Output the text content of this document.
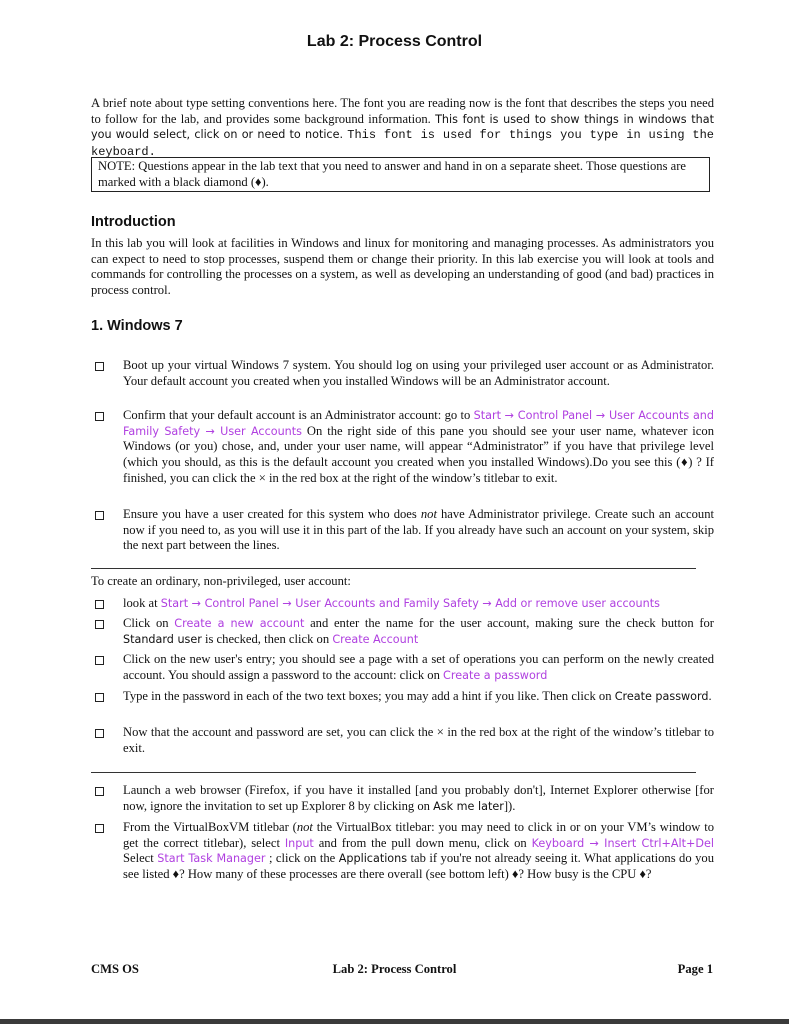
Lab 2: Process Control
A brief note about type setting conventions here. The font you are reading now is the font that describes the steps you need to follow for the lab, and provides some background information. This font is used to show things in windows that you would select, click on or need to notice. This font is used for things you type in using the keyboard.
NOTE: Questions appear in the lab text that you need to answer and hand in on a separate sheet. Those questions are marked with a black diamond (♦).
Introduction
In this lab you will look at facilities in Windows and linux for monitoring and managing processes. As administrators you can expect to need to stop processes, suspend them or change their priority. In this lab exercise you will look at tools and commands for controlling the processes on a system, as well as developing an understanding of good (and bad) practices in process control.
1. Windows 7
Boot up your virtual Windows 7 system. You should log on using your privileged user account or as Administrator. Your default account you created when you installed Windows will be an Administrator account.
Confirm that your default account is an Administrator account: go to Start → Control Panel → User Accounts and Family Safety → User Accounts On the right side of this pane you should see your user name, whatever icon Windows (or you) chose, and, under your user name, will appear “Administrator” if you have that privilege level (which you should, as this is the default account you created when you installed Windows).Do you see this (♦) ? If finished, you can click the × in the red box at the right of the window’s titlebar to exit.
Ensure you have a user created for this system who does not have Administrator privilege. Create such an account now if you need to, as you will use it in this part of the lab. If you already have such an account on your system, skip the next part between the lines.
To create an ordinary, non-privileged, user account:
look at Start → Control Panel → User Accounts and Family Safety → Add or remove user accounts
Click on Create a new account and enter the name for the user account, making sure the check button for Standard user is checked, then click on Create Account
Click on the new user's entry; you should see a page with a set of operations you can perform on the newly created account. You should assign a password to the account: click on Create a password
Type in the password in each of the two text boxes; you may add a hint if you like. Then click on Create password.
Now that the account and password are set, you can click the × in the red box at the right of the window’s titlebar to exit.
Launch a web browser (Firefox, if you have it installed [and you probably don't], Internet Explorer otherwise [for now, ignore the invitation to set up Explorer 8 by clicking on Ask me later]).
From the VirtualBoxVM titlebar (not the VirtualBox titlebar: you may need to click in or on your VM’s window to get the correct titlebar), select Input and from the pull down menu, click on Keyboard → Insert Ctrl+Alt+Del Select Start Task Manager ; click on the Applications tab if you're not already seeing it. What applications do you see listed ♦? How many of these processes are there overall (see bottom left) ♦? How busy is the CPU ♦?
CMS OS	Lab 2: Process Control	Page 1
